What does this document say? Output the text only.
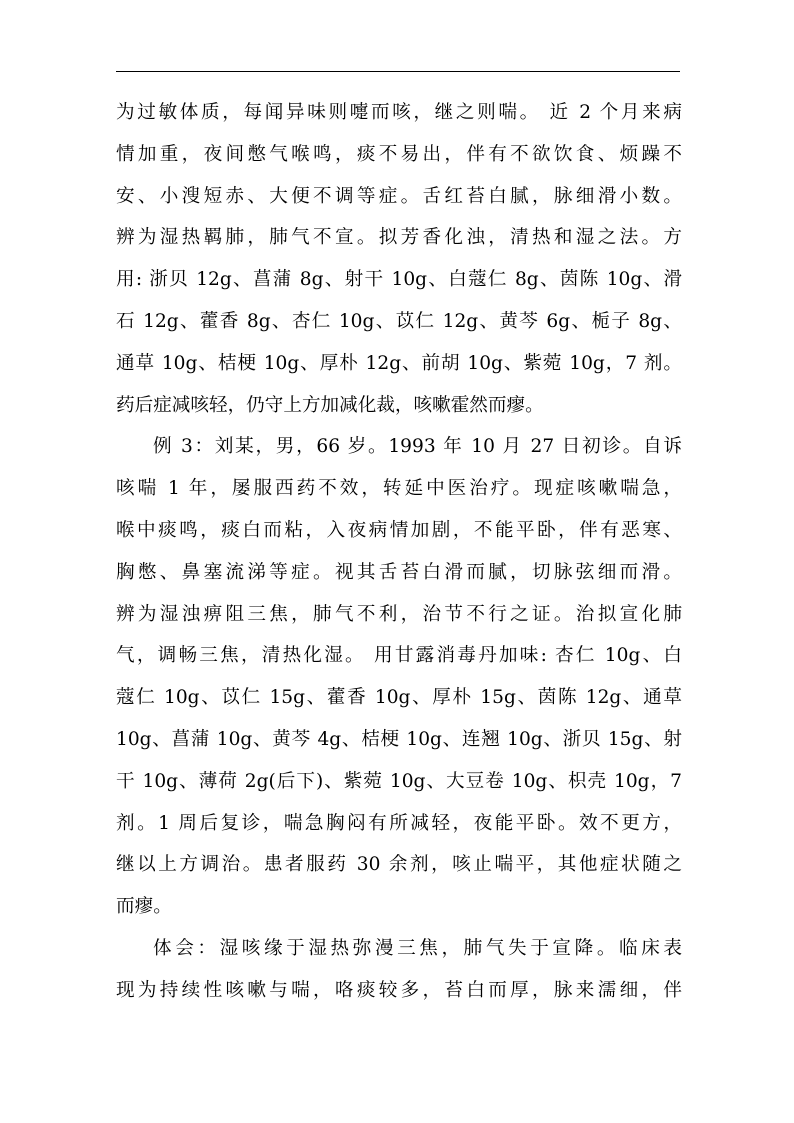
为过敏体质，每闻异味则嚏而咳，继之则喘。 近 2 个月来病
情加重，夜间憋气喉鸣，痰不易出，伴有不欲饮食、烦躁不
安、小溲短赤、大便不调等症。舌红苔白腻，脉细滑小数。
辨为湿热羁肺，肺气不宣。拟芳香化浊，清热和湿之法。方
用: 浙贝 12g、菖蒲 8g、射干 10g、白蔻仁 8g、茵陈 10g、滑
石 12g、藿香 8g、杏仁 10g、苡仁 12g、黄芩 6g、栀子 8g、
通草 10g、桔梗 10g、厚朴 12g、前胡 10g、紫菀 10g，7 剂。
药后症减咳轻，仍守上方加减化裁，咳嗽霍然而瘳。
例 3：刘某，男，66 岁。1993 年 10 月 27 日初诊。自诉
咳喘 1 年，屡服西药不效，转延中医治疗。现症咳嗽喘急，
喉中痰鸣，痰白而粘，入夜病情加剧，不能平卧，伴有恶寒、
胸憋、鼻塞流涕等症。视其舌苔白滑而腻，切脉弦细而滑。
辨为湿浊痹阻三焦，肺气不利，治节不行之证。治拟宣化肺
气，调畅三焦，清热化湿。 用甘露消毒丹加味: 杏仁 10g、白
蔻仁 10g、苡仁 15g、藿香 10g、厚朴 15g、茵陈 12g、通草
10g、菖蒲 10g、黄芩 4g、桔梗 10g、连翘 10g、浙贝 15g、射
干 10g、薄荷 2g(后下)、紫菀 10g、大豆卷 10g、枳壳 10g，7
剂。1 周后复诊，喘急胸闷有所减轻，夜能平卧。效不更方，
继以上方调治。患者服药 30 余剂，咳止喘平，其他症状随之
而瘳。
体会：湿咳缘于湿热弥漫三焦，肺气失于宣降。临床表
现为持续性咳嗽与喘，咯痰较多，苔白而厚，脉来濡细，伴
